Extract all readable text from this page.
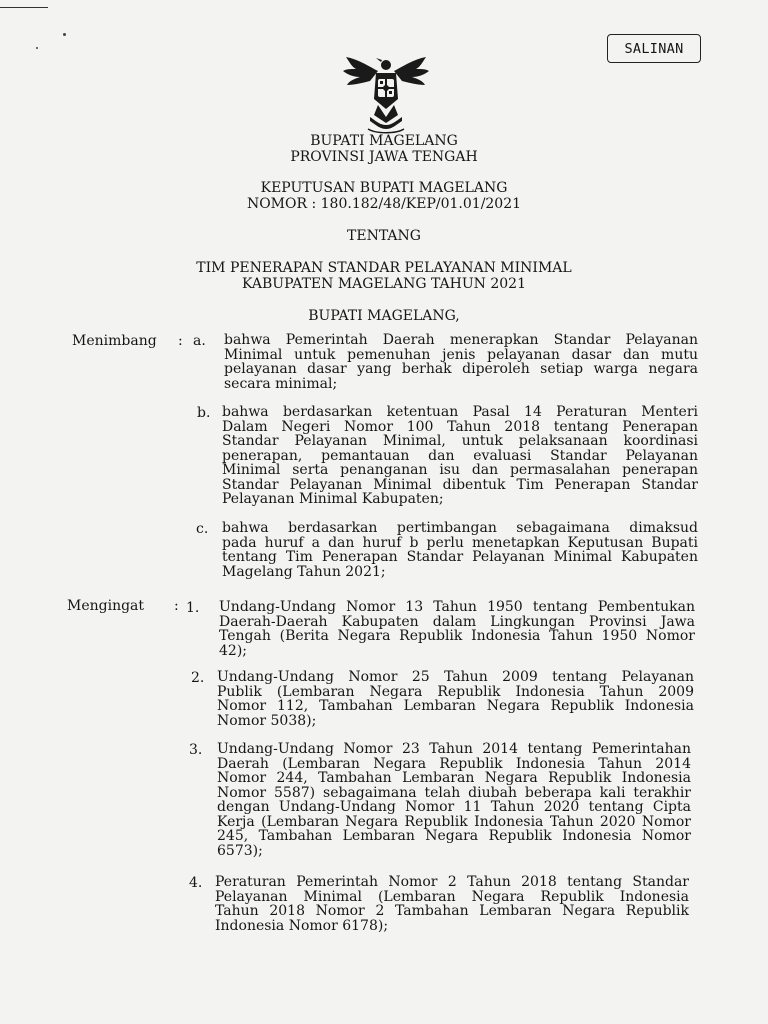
SALINAN
BUPATI MAGELANG
PROVINSI JAWA TENGAH
KEPUTUSAN BUPATI MAGELANG
NOMOR : 180.182/48/KEP/01.01/2021
TENTANG
TIM PENERAPAN STANDAR PELAYANAN MINIMAL
KABUPATEN MAGELANG TAHUN 2021
BUPATI MAGELANG,
Menimbang : a. bahwa Pemerintah Daerah menerapkan Standar Pelayanan
Minimal untuk pemenuhan jenis pelayanan dasar dan mutu
pelayanan dasar yang berhak diperoleh setiap warga negara
secara minimal;
b. bahwa berdasarkan ketentuan Pasal 14 Peraturan Menteri
Dalam Negeri Nomor 100 Tahun 2018 tentang Penerapan
Standar Pelayanan Minimal, untuk pelaksanaan koordinasi
penerapan, pemantauan dan evaluasi Standar Pelayanan
Minimal serta penanganan isu dan permasalahan penerapan
Standar Pelayanan Minimal dibentuk Tim Penerapan Standar
Pelayanan Minimal Kabupaten;
c. bahwa berdasarkan pertimbangan sebagaimana dimaksud
pada huruf a dan huruf b perlu menetapkan Keputusan Bupati
tentang Tim Penerapan Standar Pelayanan Minimal Kabupaten
Magelang Tahun 2021;
Mengingat : 1. Undang-Undang Nomor 13 Tahun 1950 tentang Pembentukan
Daerah-Daerah Kabupaten dalam Lingkungan Provinsi Jawa
Tengah (Berita Negara Republik Indonesia Tahun 1950 Nomor
42);
2. Undang-Undang Nomor 25 Tahun 2009 tentang Pelayanan
Publik (Lembaran Negara Republik Indonesia Tahun 2009
Nomor 112, Tambahan Lembaran Negara Republik Indonesia
Nomor 5038);
3. Undang-Undang Nomor 23 Tahun 2014 tentang Pemerintahan
Daerah (Lembaran Negara Republik Indonesia Tahun 2014
Nomor 244, Tambahan Lembaran Negara Republik Indonesia
Nomor 5587) sebagaimana telah diubah beberapa kali terakhir
dengan Undang-Undang Nomor 11 Tahun 2020 tentang Cipta
Kerja (Lembaran Negara Republik Indonesia Tahun 2020 Nomor
245, Tambahan Lembaran Negara Republik Indonesia Nomor
6573);
4. Peraturan Pemerintah Nomor 2 Tahun 2018 tentang Standar
Pelayanan Minimal (Lembaran Negara Republik Indonesia
Tahun 2018 Nomor 2 Tambahan Lembaran Negara Republik
Indonesia Nomor 6178);
